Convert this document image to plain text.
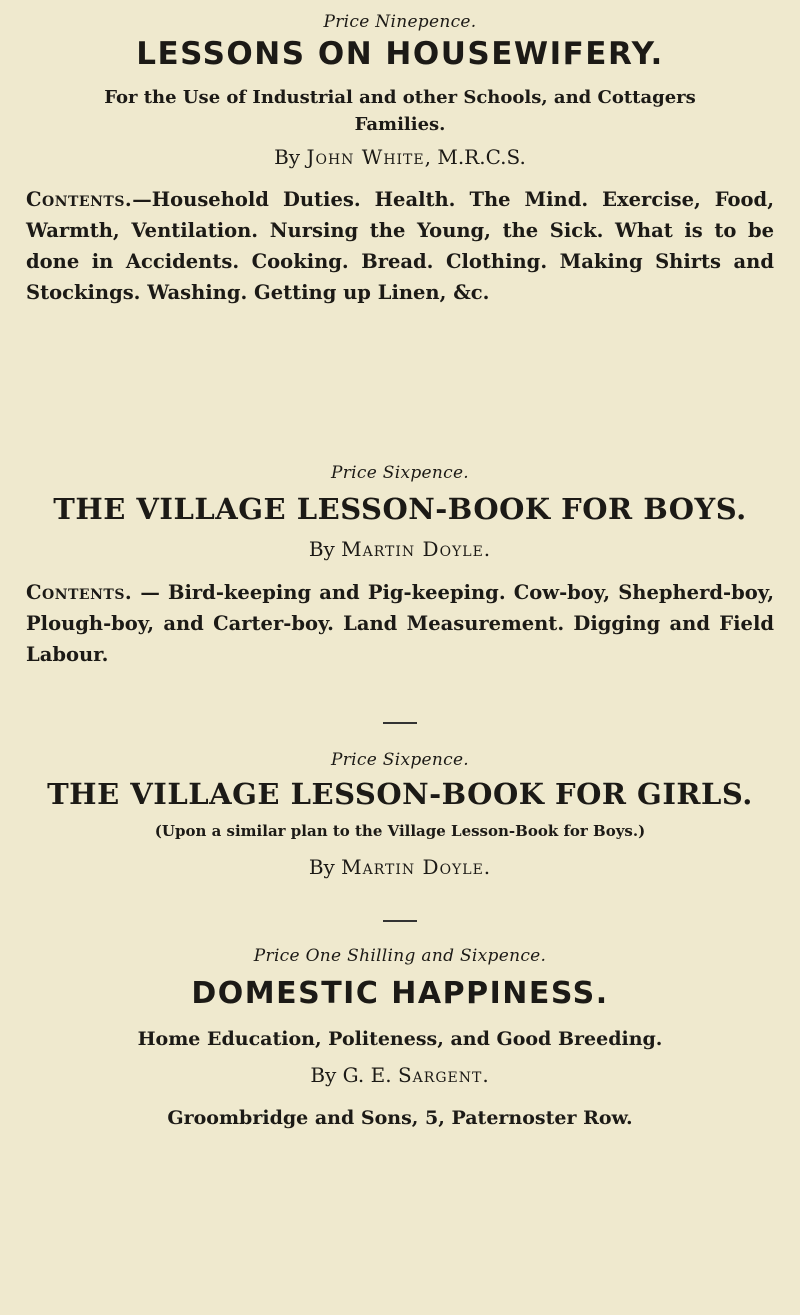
Price Ninepence.
LESSONS ON HOUSEWIFERY.
For the Use of Industrial and other Schools, and Cottagers Families.
By John White, M.R.C.S.
Contents.—Household Duties. Health. The Mind. Exercise, Food, Warmth, Ventilation. Nursing the Young, the Sick. What is to be done in Accidents. Cooking. Bread. Clothing. Making Shirts and Stockings. Washing. Getting up Linen, &c.
Price Sixpence.
THE VILLAGE LESSON-BOOK FOR BOYS.
By Martin Doyle.
Contents. — Bird-keeping and Pig-keeping. Cow-boy, Shepherd-boy, Plough-boy, and Carter-boy. Land Measurement. Digging and Field Labour.
Price Sixpence.
THE VILLAGE LESSON-BOOK FOR GIRLS.
(Upon a similar plan to the Village Lesson-Book for Boys.)
By Martin Doyle.
Price One Shilling and Sixpence.
DOMESTIC HAPPINESS.
Home Education, Politeness, and Good Breeding.
By G. E. Sargent.
Groombridge and Sons, 5, Paternoster Row.
